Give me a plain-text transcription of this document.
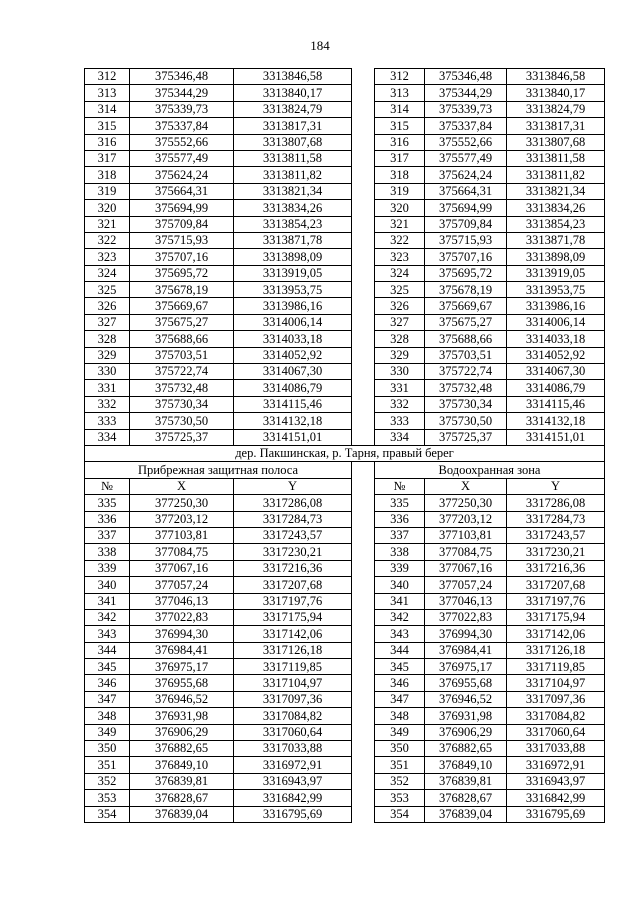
184
312	375346,48	3313846,58		312	375346,48	3313846,58
313	375344,29	3313840,17		313	375344,29	3313840,17
314	375339,73	3313824,79		314	375339,73	3313824,79
315	375337,84	3313817,31		315	375337,84	3313817,31
316	375552,66	3313807,68		316	375552,66	3313807,68
317	375577,49	3313811,58		317	375577,49	3313811,58
318	375624,24	3313811,82		318	375624,24	3313811,82
319	375664,31	3313821,34		319	375664,31	3313821,34
320	375694,99	3313834,26		320	375694,99	3313834,26
321	375709,84	3313854,23		321	375709,84	3313854,23
322	375715,93	3313871,78		322	375715,93	3313871,78
323	375707,16	3313898,09		323	375707,16	3313898,09
324	375695,72	3313919,05		324	375695,72	3313919,05
325	375678,19	3313953,75		325	375678,19	3313953,75
326	375669,67	3313986,16		326	375669,67	3313986,16
327	375675,27	3314006,14		327	375675,27	3314006,14
328	375688,66	3314033,18		328	375688,66	3314033,18
329	375703,51	3314052,92		329	375703,51	3314052,92
330	375722,74	3314067,30		330	375722,74	3314067,30
331	375732,48	3314086,79		331	375732,48	3314086,79
332	375730,34	3314115,46		332	375730,34	3314115,46
333	375730,50	3314132,18		333	375730,50	3314132,18
334	375725,37	3314151,01		334	375725,37	3314151,01
дер. Пакшинская, р. Тарня, правый берег						
Прибрежная защитная полоса				Водоохранная зона		
№	X	Y		№	X	Y
335	377250,30	3317286,08		335	377250,30	3317286,08
336	377203,12	3317284,73		336	377203,12	3317284,73
337	377103,81	3317243,57		337	377103,81	3317243,57
338	377084,75	3317230,21		338	377084,75	3317230,21
339	377067,16	3317216,36		339	377067,16	3317216,36
340	377057,24	3317207,68		340	377057,24	3317207,68
341	377046,13	3317197,76		341	377046,13	3317197,76
342	377022,83	3317175,94		342	377022,83	3317175,94
343	376994,30	3317142,06		343	376994,30	3317142,06
344	376984,41	3317126,18		344	376984,41	3317126,18
345	376975,17	3317119,85		345	376975,17	3317119,85
346	376955,68	3317104,97		346	376955,68	3317104,97
347	376946,52	3317097,36		347	376946,52	3317097,36
348	376931,98	3317084,82		348	376931,98	3317084,82
349	376906,29	3317060,64		349	376906,29	3317060,64
350	376882,65	3317033,88		350	376882,65	3317033,88
351	376849,10	3316972,91		351	376849,10	3316972,91
352	376839,81	3316943,97		352	376839,81	3316943,97
353	376828,67	3316842,99		353	376828,67	3316842,99
354	376839,04	3316795,69		354	376839,04	3316795,69
